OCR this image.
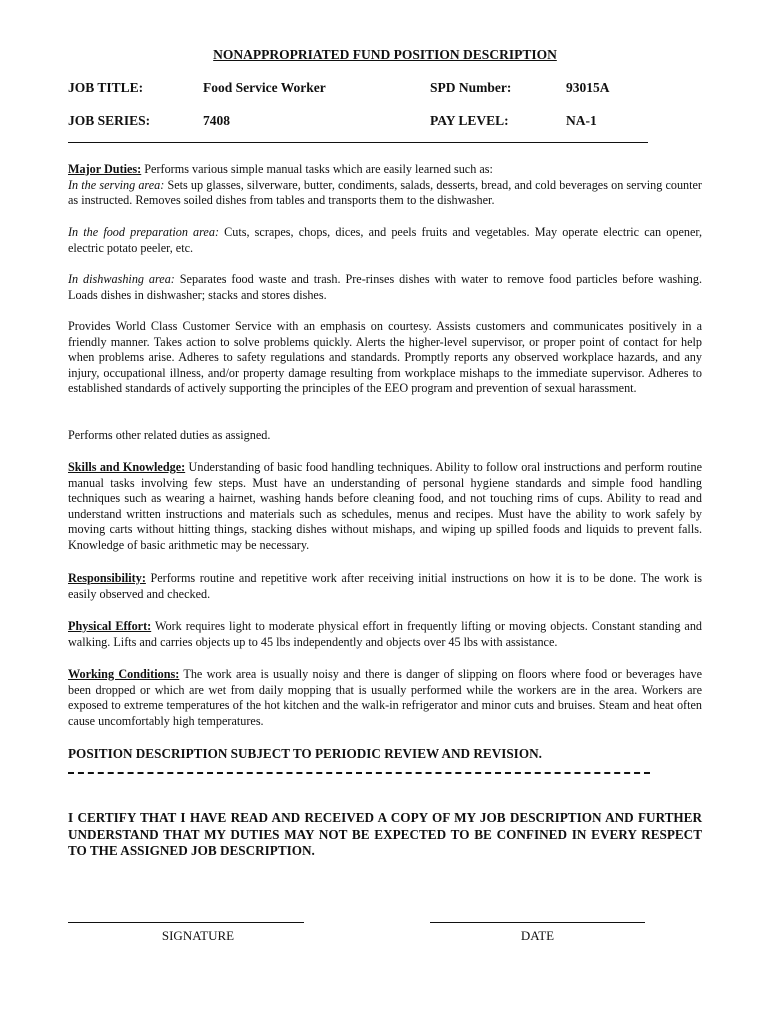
NONAPPROPRIATED FUND POSITION DESCRIPTION
JOB TITLE:	Food Service Worker	SPD Number:	93015A
JOB SERIES:	7408	PAY LEVEL:	NA-1

Major Duties: Performs various simple manual tasks which are easily learned such as:
In the serving area: Sets up glasses, silverware, butter, condiments, salads, desserts, bread, and cold beverages on serving counter as instructed. Removes soiled dishes from tables and transports them to the dishwasher.

In the food preparation area: Cuts, scrapes, chops, dices, and peels fruits and vegetables. May operate electric can opener, electric potato peeler, etc.

In dishwashing area: Separates food waste and trash. Pre-rinses dishes with water to remove food particles before washing. Loads dishes in dishwasher; stacks and stores dishes.

Provides World Class Customer Service with an emphasis on courtesy. Assists customers and communicates positively in a friendly manner. Takes action to solve problems quickly. Alerts the higher-level supervisor, or proper point of contact for help when problems arise. Adheres to safety regulations and standards. Promptly reports any observed workplace hazards, and any injury, occupational illness, and/or property damage resulting from workplace mishaps to the immediate supervisor. Adheres to established standards of actively supporting the principles of the EEO program and prevention of sexual harassment.

Performs other related duties as assigned.

Skills and Knowledge: Understanding of basic food handling techniques. Ability to follow oral instructions and perform routine manual tasks involving few steps. Must have an understanding of personal hygiene standards and simple food handling techniques such as wearing a hairnet, washing hands before cleaning food, and not touching rims of cups. Ability to read and understand written instructions and materials such as schedules, menus and recipes. Must have the ability to work safely by moving carts without hitting things, stacking dishes without mishaps, and wiping up spilled foods and liquids to prevent falls. Knowledge of basic arithmetic may be necessary.

Responsibility: Performs routine and repetitive work after receiving initial instructions on how it is to be done. The work is easily observed and checked.

Physical Effort: Work requires light to moderate physical effort in frequently lifting or moving objects. Constant standing and walking. Lifts and carries objects up to 45 lbs independently and objects over 45 lbs with assistance.

Working Conditions: The work area is usually noisy and there is danger of slipping on floors where food or beverages have been dropped or which are wet from daily mopping that is usually performed while the workers are in the area. Workers are exposed to extreme temperatures of the hot kitchen and the walk-in refrigerator and minor cuts and bruises. Steam and heat often cause uncomfortably high temperatures.

POSITION DESCRIPTION SUBJECT TO PERIODIC REVIEW AND REVISION.

I CERTIFY THAT I HAVE READ AND RECEIVED A COPY OF MY JOB DESCRIPTION AND FURTHER UNDERSTAND THAT MY DUTIES MAY NOT BE EXPECTED TO BE CONFINED IN EVERY RESPECT TO THE ASSIGNED JOB DESCRIPTION.

SIGNATURE	DATE
